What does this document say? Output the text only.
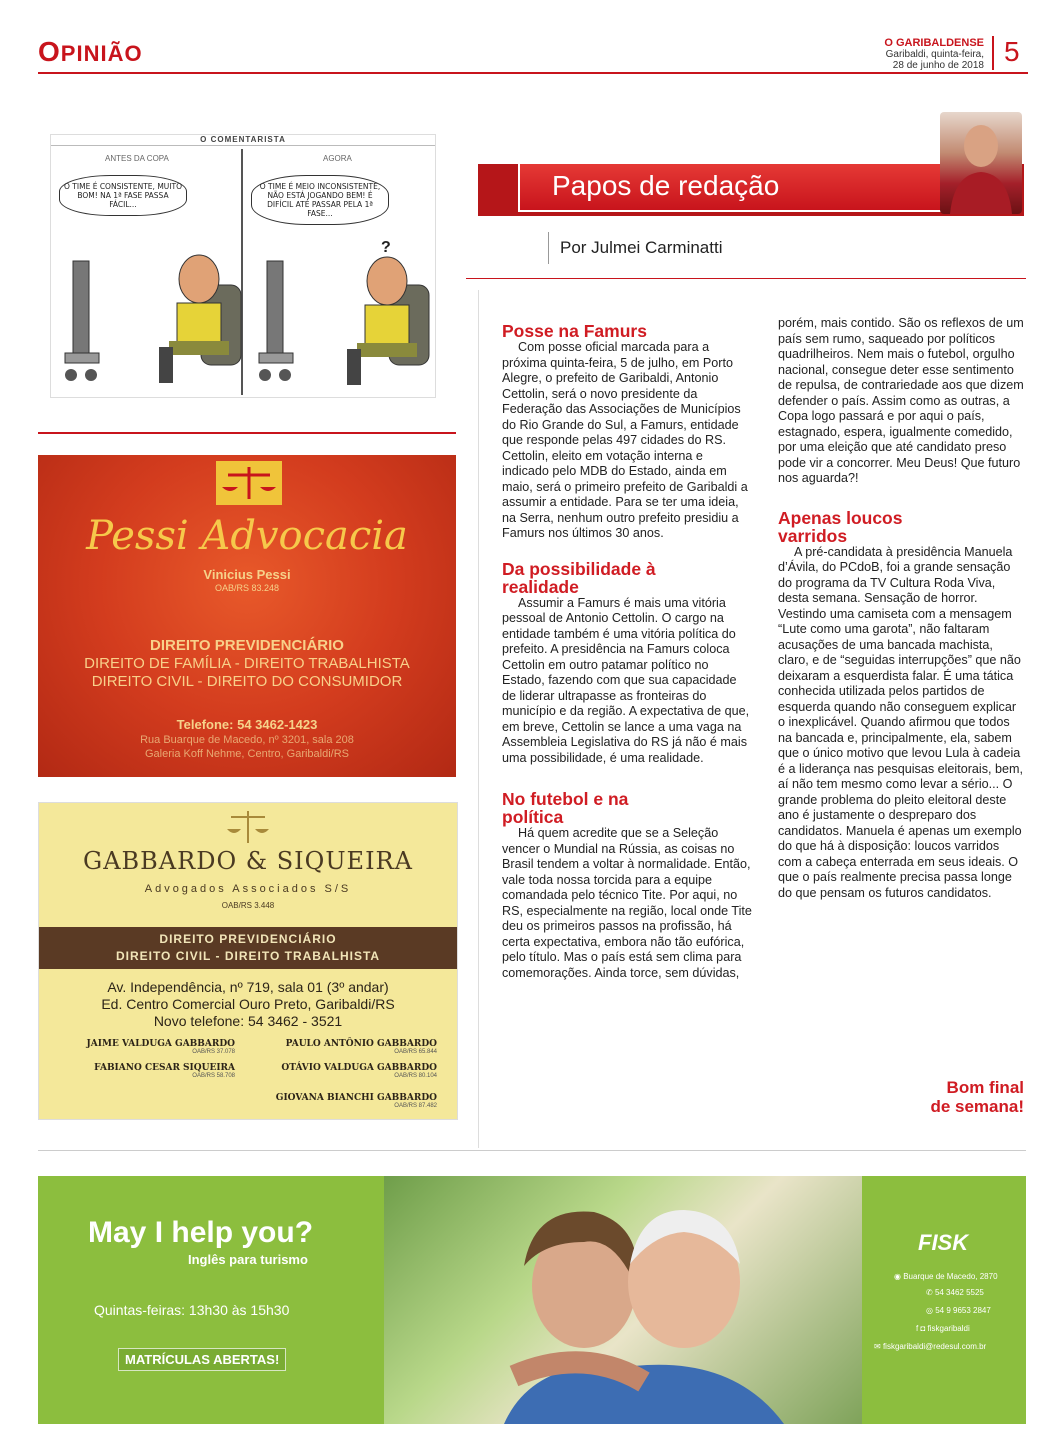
OPINIÃO	O GARIBALDENSE
Garibaldi, quinta-feira,
28 de junho de 2018 5
O COMENTARISTA
ANTES DA COPA	AGORA
O TIME É CONSISTENTE, MUITO BOM! NA 1ª FASE PASSA FÁCIL...
O TIME É MEIO INCONSISTENTE, NÃO ESTÁ JOGANDO BEM! É DIFÍCIL ATÉ PASSAR PELA 1ª FASE...
?
Pessi Advocacia
Vinicius Pessi
OAB/RS 83.248
DIREITO PREVIDENCIÁRIO
DIREITO DE FAMÍLIA - DIREITO TRABALHISTA
DIREITO CIVIL - DIREITO DO CONSUMIDOR
Telefone: 54 3462-1423
Rua Buarque de Macedo, nº 3201, sala 208
Galeria Koff Nehme, Centro, Garibaldi/RS
GABBARDO & SIQUEIRA
Advogados Associados S/S
OAB/RS 3.448
DIREITO PREVIDENCIÁRIO
DIREITO CIVIL - DIREITO TRABALHISTA
Av. Independência, nº 719, sala 01 (3º andar)
Ed. Centro Comercial Ouro Preto, Garibaldi/RS
Novo telefone: 54 3462 - 3521
JAIME VALDUGA GABBARDO
OAB/RS 37.078
PAULO ANTÔNIO GABBARDO
OAB/RS 65.844
FABIANO CESAR SIQUEIRA
OAB/RS 58.708
OTÁVIO VALDUGA GABBARDO
OAB/RS 80.104
GIOVANA BIANCHI GABBARDO
OAB/RS 87.482
Papos de redação
Por Julmei Carminatti
Posse na Famurs

Com posse oficial marcada para a próxima quinta-feira, 5 de julho, em Porto Alegre, o prefeito de Garibaldi, Antonio Cettolin, será o novo presidente da Federação das Associações de Municípios do Rio Grande do Sul, a Famurs, entidade que responde pelas 497 cidades do RS. Cettolin, eleito em votação interna e indicado pelo MDB do Estado, ainda em maio, será o primeiro prefeito de Garibaldi a assumir a entidade. Para se ter uma ideia, na Serra, nenhum outro prefeito presidiu a Famurs nos últimos 30 anos.

Da possibilidade à realidade

Assumir a Famurs é mais uma vitória pessoal de Antonio Cettolin. O cargo na entidade também é uma vitória política do prefeito. A presidência na Famurs coloca Cettolin em outro patamar político no Estado, fazendo com que sua capacidade de liderar ultrapasse as fronteiras do município e da região. A expectativa de que, em breve, Cettolin se lance a uma vaga na Assembleia Legislativa do RS já não é mais uma possibilidade, é uma realidade.

No futebol e na política

Há quem acredite que se a Seleção vencer o Mundial na Rússia, as coisas no Brasil tendem a voltar à normalidade. Então, vale toda nossa torcida para a equipe comandada pelo técnico Tite. Por aqui, no RS, especialmente na região, local onde Tite deu os primeiros passos na profissão, há certa expectativa, embora não tão eufórica, pelo título. Mas o país está sem clima para comemorações. Ainda torce, sem dúvidas,

porém, mais contido. São os reflexos de um país sem rumo, saqueado por políticos quadrilheiros. Nem mais o futebol, orgulho nacional, consegue deter esse sentimento de repulsa, de contrariedade aos que dizem defender o país. Assim como as outras, a Copa logo passará e por aqui o país, estagnado, espera, igualmente comedido, por uma eleição que até candidato preso pode vir a concorrer. Meu Deus! Que futuro nos aguarda?!

Apenas loucos varridos

A pré-candidata à presidência Manuela d’Ávila, do PCdoB, foi a grande sensação do programa da TV Cultura Roda Viva, desta semana. Sensação de horror. Vestindo uma camiseta com a mensagem “Lute como uma garota”, não faltaram acusações de uma bancada machista, claro, e de “seguidas interrupções” que não deixaram a esquerdista falar. É uma tática conhecida utilizada pelos partidos de esquerda quando não conseguem explicar o inexplicável. Quando afirmou que todos na bancada e, principalmente, ela, sabem que o único motivo que levou Lula à cadeia é a liderança nas pesquisas eleitorais, bem, aí não tem mesmo como levar a sério... O grande problema do pleito eleitoral deste ano é justamente o despreparo dos candidatos. Manuela é apenas um exemplo do que há à disposição: loucos varridos com a cabeça enterrada em seus ideais. O que o país realmente precisa passa longe do que pensam os futuros candidatos.

Bom final
de semana!
May I help you?
Inglês para turismo
Quintas-feiras: 13h30 às 15h30
MATRÍCULAS ABERTAS!
FISK
◉ Buarque de Macedo, 2870
✆ 54 3462 5525
◎ 54 9 9653 2847
f ◘ fiskgaribaldi
✉ fiskgaribaldi@redesul.com.br
